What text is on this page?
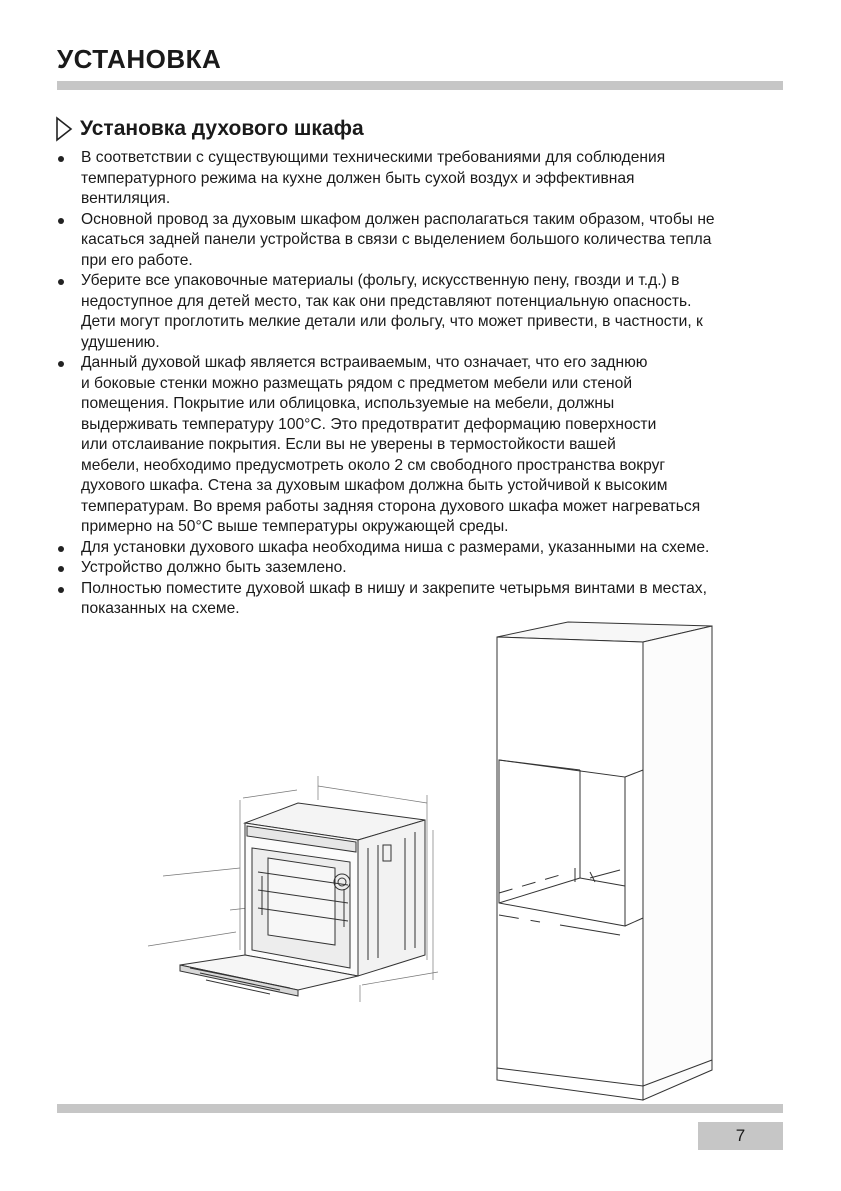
УСТАНОВКА
Установка духового шкафа
В соответствии с существующими техническими требованиями для соблюдения
температурного режима на кухне должен быть сухой воздух и эффективная
вентиляция.
Основной провод за духовым шкафом должен располагаться таким образом, чтобы не
касаться задней панели устройства в связи с выделением большого количества тепла
при его работе.
Уберите все упаковочные материалы (фольгу, искусственную пену, гвозди и т.д.) в
недоступное для детей место, так как они представляют потенциальную опасность.
Дети могут проглотить мелкие детали или фольгу, что может привести, в частности, к
удушению.
Данный духовой шкаф является встраиваемым, что означает, что его заднюю
и боковые стенки можно размещать рядом с предметом мебели или стеной
помещения. Покрытие или облицовка, используемые на мебели, должны
выдерживать температуру 100°С. Это предотвратит деформацию поверхности
или отслаивание покрытия. Если вы не уверены в термостойкости вашей
мебели, необходимо предусмотреть около 2 см свободного пространства вокруг
духового шкафа. Стена за духовым шкафом должна быть устойчивой к высоким
температурам. Во время работы задняя сторона духового шкафа может нагреваться
примерно на 50°С выше температуры окружающей среды.
Для установки духового шкафа необходима ниша с размерами, указанными на схеме.
Устройство должно быть заземлено.
Полностью поместите духовой шкаф в нишу и закрепите четырьмя винтами в местах,
показанных на схеме.
7
